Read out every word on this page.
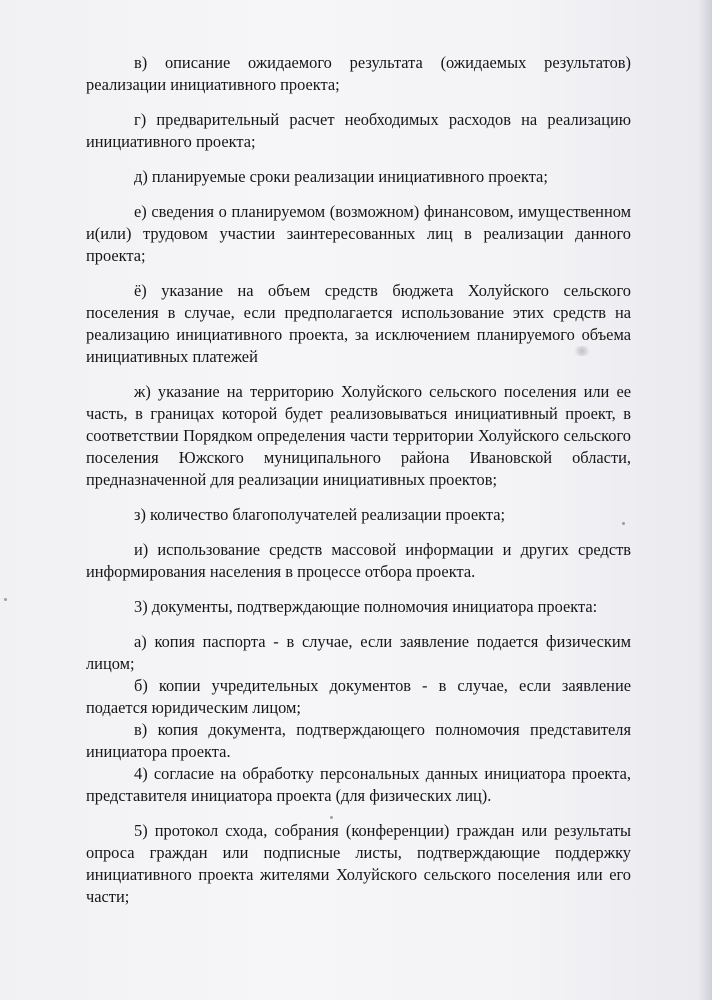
в) описание ожидаемого результата (ожидаемых результатов) реализации инициативного проекта;

г) предварительный расчет необходимых расходов на реализацию инициативного проекта;

д) планируемые сроки реализации инициативного проекта;

е) сведения о планируемом (возможном) финансовом, имущественном и(или) трудовом участии заинтересованных лиц в реализации данного проекта;

ё) указание на объем средств бюджета Холуйского сельского поселения в случае, если предполагается использование этих средств на реализацию инициативного проекта, за исключением планируемого объема инициативных платежей

ж) указание на территорию Холуйского сельского поселения или ее часть, в границах которой будет реализовываться инициативный проект, в соответствии Порядком определения части территории Холуйского сельского поселения Южского муниципального района Ивановской области, предназначенной для реализации инициативных проектов;

з) количество благополучателей реализации проекта;

и) использование средств массовой информации и других средств информирования населения в процессе отбора проекта.

3) документы, подтверждающие полномочия инициатора проекта:

а) копия паспорта - в случае, если заявление подается физическим лицом;

б) копии учредительных документов - в случае, если заявление подается юридическим лицом;

в) копия документа, подтверждающего полномочия представителя инициатора проекта.

4) согласие на обработку персональных данных инициатора проекта, представителя инициатора проекта (для физических лиц).

5) протокол схода, собрания (конференции) граждан или результаты опроса граждан или подписные листы, подтверждающие поддержку инициативного проекта жителями Холуйского сельского поселения или его части;
